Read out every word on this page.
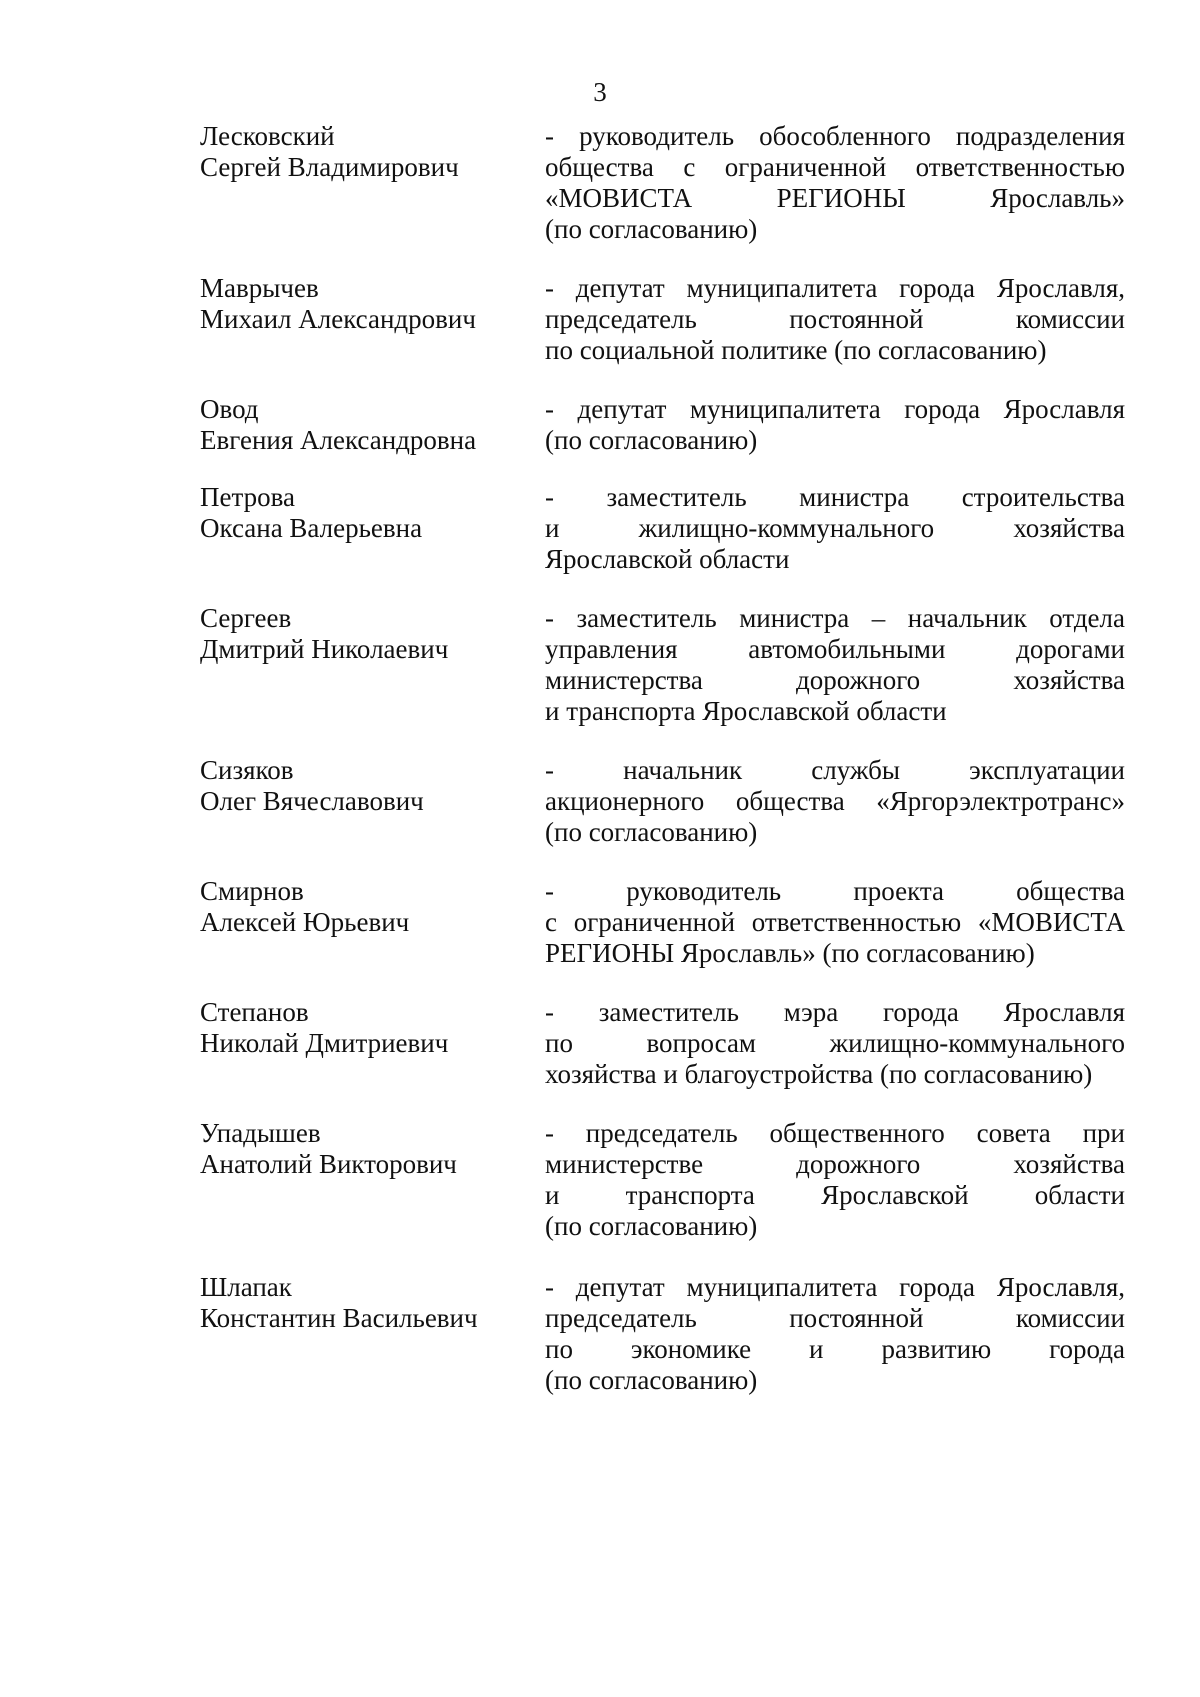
3
Лесковский
Сергей Владимирович
- руководитель обособленного подразделения
общества с ограниченной ответственностью
«МОВИСТА РЕГИОНЫ Ярославль»
(по согласованию)
Маврычев
Михаил Александрович
- депутат муниципалитета города Ярославля,
председатель постоянной комиссии
по социальной политике (по согласованию)
Овод
Евгения Александровна
- депутат муниципалитета города Ярославля
(по согласованию)
Петрова
Оксана Валерьевна
- заместитель министра строительства
и жилищно-коммунального хозяйства
Ярославской области
Сергеев
Дмитрий Николаевич
- заместитель министра – начальник отдела
управления автомобильными дорогами
министерства дорожного хозяйства
и транспорта Ярославской области
Сизяков
Олег Вячеславович
- начальник службы эксплуатации
акционерного общества «Яргорэлектротранс»
(по согласованию)
Смирнов
Алексей Юрьевич
- руководитель проекта общества
с ограниченной ответственностью «МОВИСТА
РЕГИОНЫ Ярославль» (по согласованию)
Степанов
Николай Дмитриевич
- заместитель мэра города Ярославля
по вопросам жилищно-коммунального
хозяйства и благоустройства (по согласованию)
Упадышев
Анатолий Викторович
- председатель общественного совета при
министерстве дорожного хозяйства
и транспорта Ярославской области
(по согласованию)
Шлапак
Константин Васильевич
- депутат муниципалитета города Ярославля,
председатель постоянной комиссии
по экономике и развитию города
(по согласованию)
